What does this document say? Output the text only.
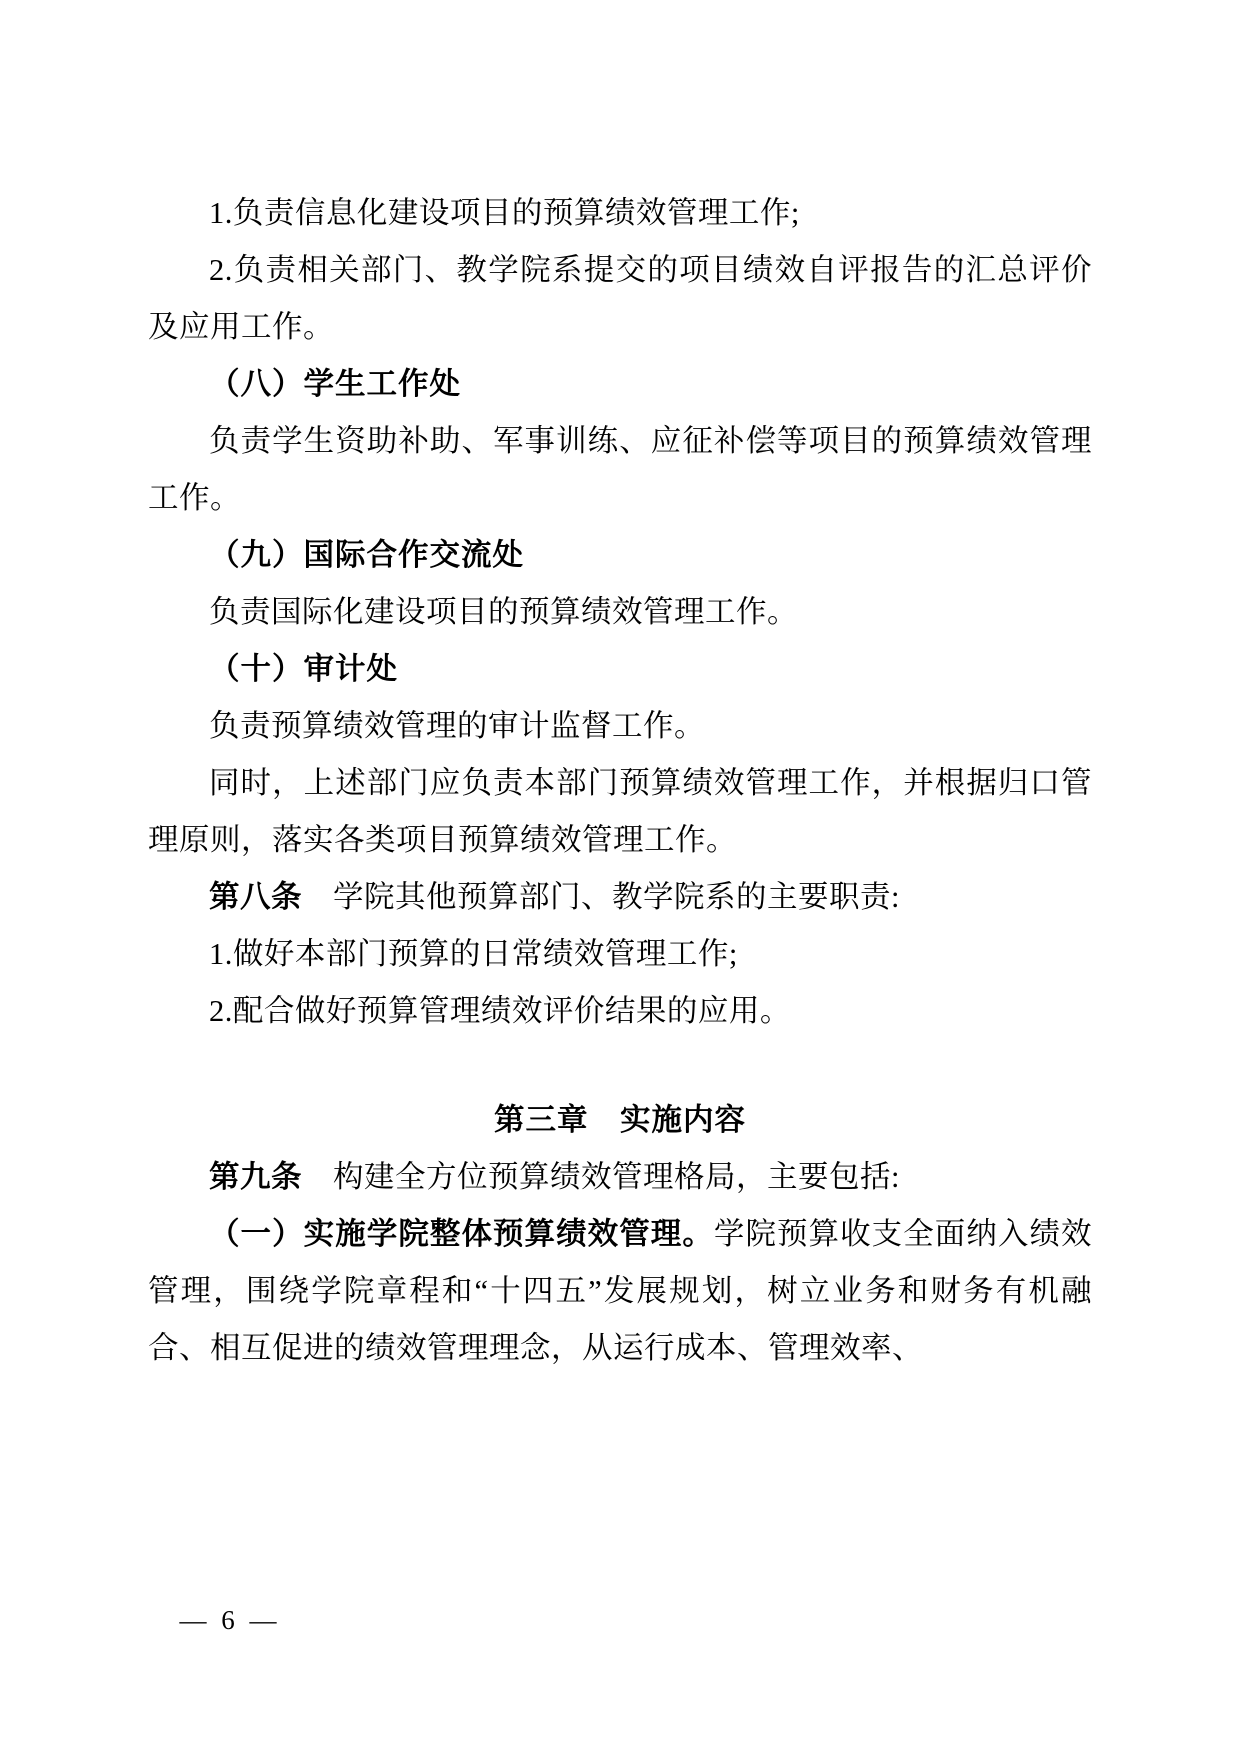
1.负责信息化建设项目的预算绩效管理工作;

2.负责相关部门、教学院系提交的项目绩效自评报告的汇总评价及应用工作。

（八）学生工作处

负责学生资助补助、军事训练、应征补偿等项目的预算绩效管理工作。

（九）国际合作交流处

负责国际化建设项目的预算绩效管理工作。

（十）审计处

负责预算绩效管理的审计监督工作。

同时，上述部门应负责本部门预算绩效管理工作，并根据归口管理原则，落实各类项目预算绩效管理工作。

第八条　 学院其他预算部门、教学院系的主要职责:

1.做好本部门预算的日常绩效管理工作;

2.配合做好预算管理绩效评价结果的应用。

第三章　实施内容

第九条　 构建全方位预算绩效管理格局，主要包括:

（一）实施学院整体预算绩效管理。学院预算收支全面纳入绩效管理，围绕学院章程和“十四五”发展规划，树立业务和财务有机融合、相互促进的绩效管理理念，从运行成本、管理效率、

— 6 —
